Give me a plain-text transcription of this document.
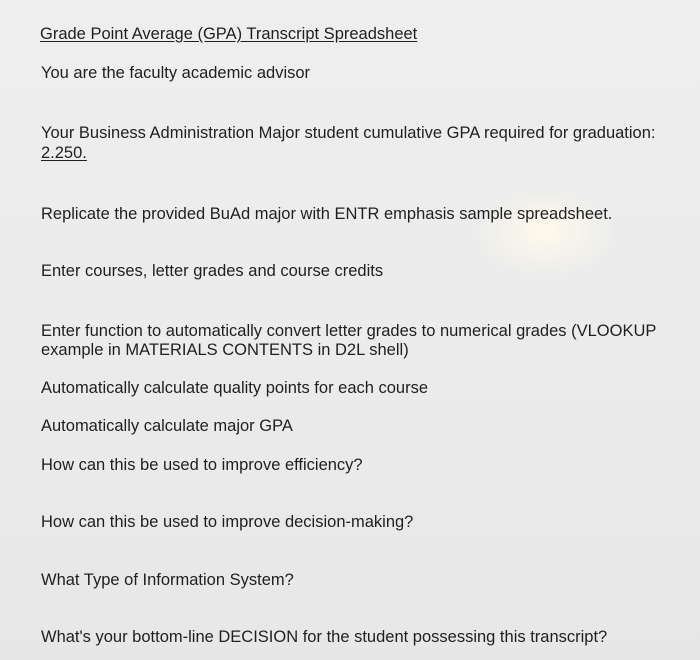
Grade Point Average (GPA) Transcript Spreadsheet

You are the faculty academic advisor

Your Business Administration Major student cumulative GPA required for graduation:

2.250.

Replicate the provided BuAd major with ENTR emphasis sample spreadsheet.

Enter courses, letter grades and course credits

Enter function to automatically convert letter grades to numerical grades (VLOOKUP

example in MATERIALS CONTENTS in D2L shell)

Automatically calculate quality points for each course

Automatically calculate major GPA

How can this be used to improve efficiency?

How can this be used to improve decision-making?

What Type of Information System?

What's your bottom-line DECISION for the student possessing this transcript?
